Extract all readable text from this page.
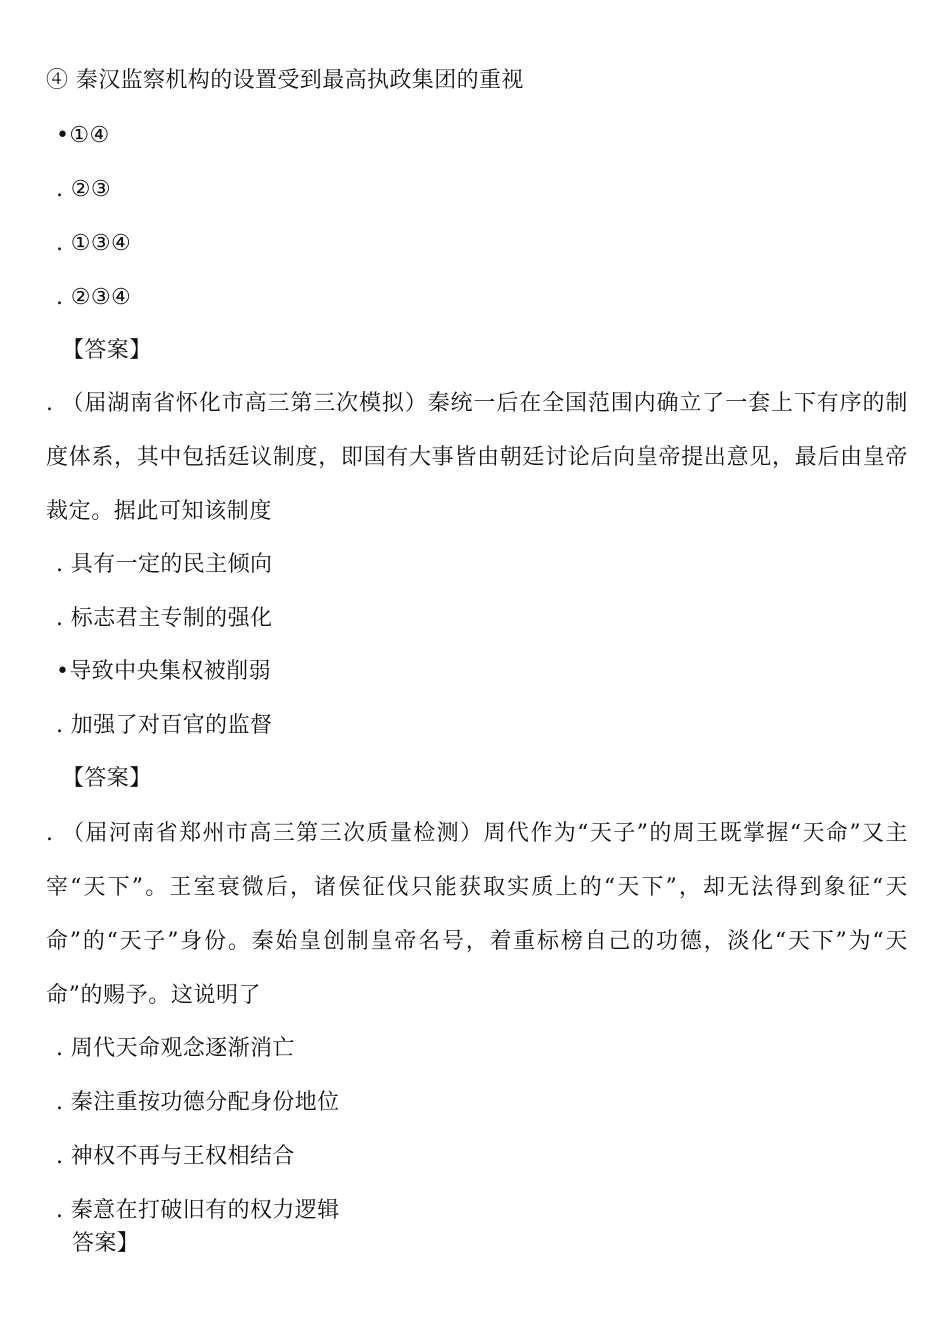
④ 秦汉监察机构的设置受到最高执政集团的重视
•①④
. ②③
. ①③④
. ②③④
【答案】
. （届湖南省怀化市高三第三次模拟）秦统一后在全国范围内确立了一套上下有序的制度体系，其中包括廷议制度，即国有大事皆由朝廷讨论后向皇帝提出意见，最后由皇帝裁定。据此可知该制度
. 具有一定的民主倾向
. 标志君主专制的强化
•导致中央集权被削弱
. 加强了对百官的监督
【答案】
. （届河南省郑州市高三第三次质量检测）周代作为“天子”的周王既掌握“天命”又主宰“天下”。王室衰微后，诸侯征伐只能获取实质上的“天下”，却无法得到象征“天命”的“天子”身份。秦始皇创制皇帝名号，着重标榜自己的功德，淡化“天下”为“天命”的赐予。这说明了
. 周代天命观念逐渐消亡
. 秦注重按功德分配身份地位
. 神权不再与王权相结合
. 秦意在打破旧有的权力逻辑
答案】
